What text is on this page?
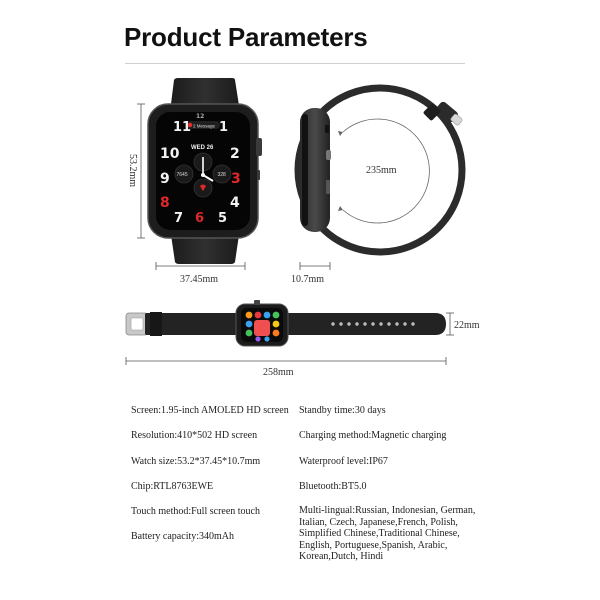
Product Parameters
2 Message
11
12
1
10	2
9	3
8	4
7 6 5
WED 26
7645	328
53.2mm
37.45mm	10.7mm
235mm
22mm
258mm
Screen:1.95-inch AMOLED HD screen
Resolution:410*502 HD screen
Watch size:53.2*37.45*10.7mm
Chip:RTL8763EWE
Touch method:Full screen touch
Battery capacity:340mAh
Standby time:30 days
Charging method:Magnetic charging
Waterproof level:IP67
Bluetooth:BT5.0
Multi-lingual:Russian, Indonesian, German,
Italian, Czech, Japanese,French, Polish,
Simplified Chinese,Traditional Chinese,
English, Portuguese,Spanish, Arabic,
Korean,Dutch, Hindi
